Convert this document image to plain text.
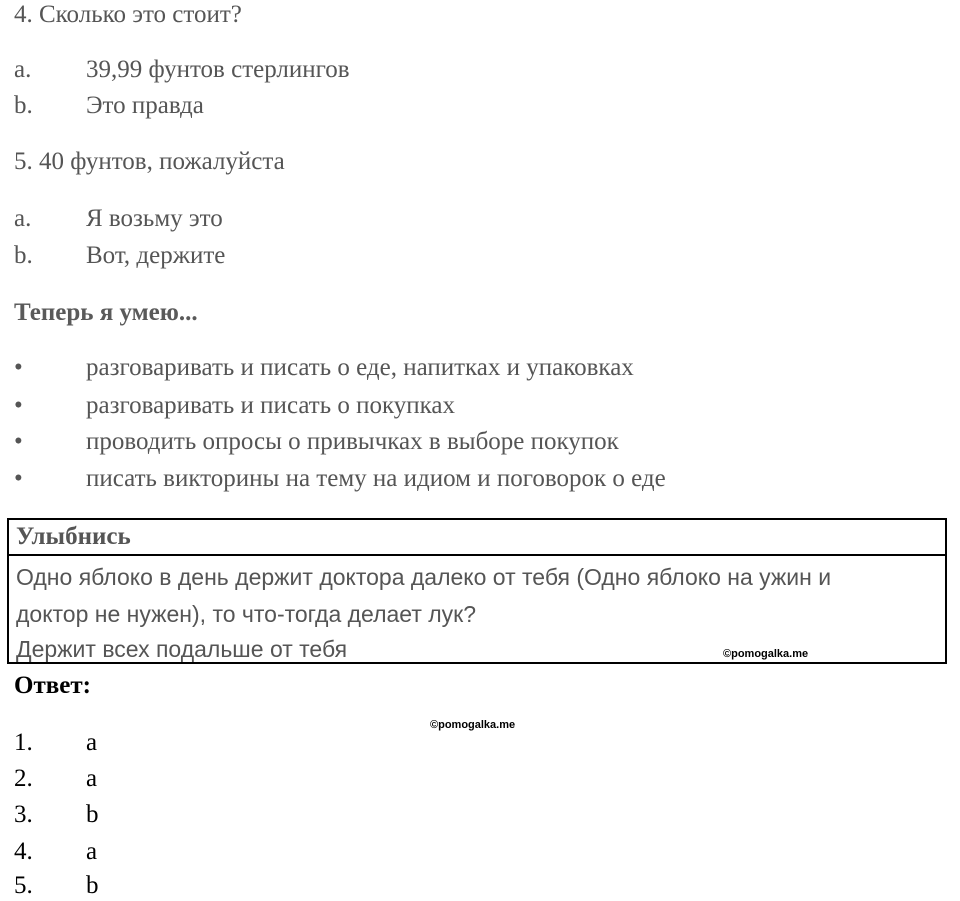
4. Сколько это стоит?
a. 39,99 фунтов стерлингов
b. Это правда
5. 40 фунтов, пожалуйста
a. Я возьму это
b. Вот, держите
Теперь я умею...
•	разговаривать и писать о еде, напитках и упаковках
•	разговаривать и писать о покупках
•	проводить опросы о привычках в выборе покупок
•	писать викторины на тему на идиом и поговорок о еде
Улыбнись
Одно яблоко в день держит доктора далеко от тебя (Одно яблоко на ужин и
доктор не нужен), то что-тогда делает лук?
Держит всех подальше от тебя	©pomogalka.me
Ответ:
©pomogalka.me
1. a
2. a
3. b
4. a
5. b
